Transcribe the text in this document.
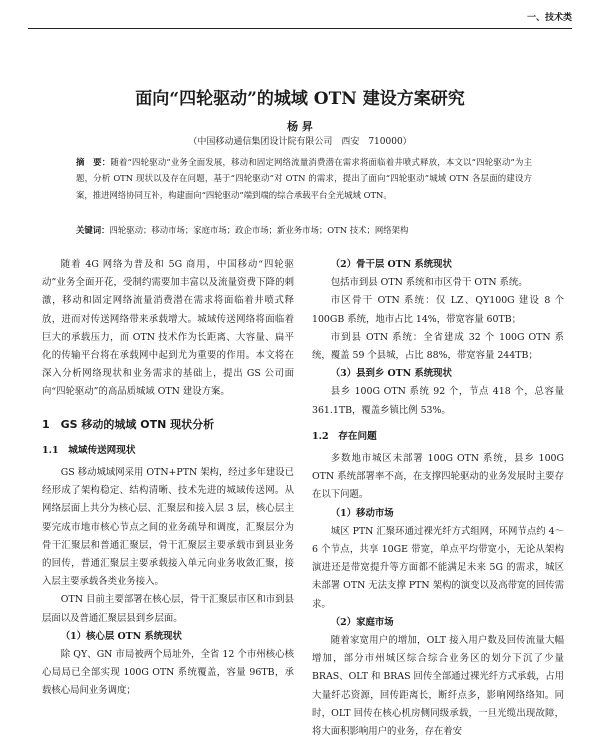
一、技术类
面向“四轮驱动”的城域 OTN 建设方案研究
杨 昇
（中国移动通信集团设计院有限公司　西安　710000）
摘　要：随着“四轮驱动”业务全面发展，移动和固定网络流量消费潜在需求将面临着井喷式释放，本文以“四轮驱动”为主题，分析 OTN 现状以及存在问题，基于“四轮驱动”对 OTN 的需求，提出了面向“四轮驱动”城域 OTN 各层面的建设方案，推进网络协同互补，构建面向“四轮驱动”端到端的综合承载平台全光城域 OTN。
关键词：四轮驱动；移动市场；家庭市场；政企市场；新业务市场；OTN 技术；网络架构

随着 4G 网络为普及和 5G 商用，中国移动“四轮驱动”业务全面开花，受制约需要加丰富以及流量资费下降的刺激，移动和固定网络流量消费潜在需求将面临着井喷式释放，进而对传送网络带来承载增大。城域传送网络将面临着巨大的承载压力，而 OTN 技术作为长距离、大容量、扁平化的传输平台将在承载网中起到尤为重要的作用。本文将在深入分析网络现状和业务需求的基础上，提出 GS 公司面向“四轮驱动”的高品质城域 OTN 建设方案。

1　GS 移动的城域 OTN 现状分析

1.1　城域传送网现状

GS 移动城域网采用 OTN+PTN 架构，经过多年建设已经形成了架构稳定、结构清晰、技术先进的城域传送网。从网络层面上共分为核心层、汇聚层和接入层 3 层，核心层主要完成市地市核心节点之间的业务疏导和调度，汇聚层分为骨干汇聚层和普通汇聚层，骨干汇聚层主要承载市到县业务的回传，普通汇聚层主要承载接入单元向业务收敛汇聚，接入层主要承载各类业务接入。

OTN 目前主要部署在核心层，骨干汇聚层市区和市到县层面以及普通汇聚层县到乡层面。

（1）核心层 OTN 系统现状

除 QY、GN 市局被两个局址外，全省 12 个市州核心核心局局已全部实现 100G OTN 系统覆盖，容量 96TB，承载核心局间业务调度；

（2）骨干层 OTN 系统现状

包括市到县 OTN 系统和市区骨干 OTN 系统。

市区骨干 OTN 系统：仅 LZ、QY100G 建设 8 个 100GB 系统，地市占比 14%，带宽容量 60TB；

市到县 OTN 系统：全省建成 32 个 100G OTN 系统，覆盖 59 个县城，占比 88%，带宽容量 244TB；

（3）县到乡 OTN 系统现状

县乡 100G OTN 系统 92 个，节点 418 个，总容量 361.1TB，覆盖乡镇比例 53%。

1.2　存在问题

多数地市城区未部署 100G OTN 系统，县乡 100G OTN 系统部署率不高，在支撑四轮驱动的业务发展时主要存在以下问题。

（1）移动市场

城区 PTN 汇聚环通过裸光纤方式组网，环网节点约 4～6 个节点，共享 10GE 带宽，单点平均带宽小，无论从架构演进还是带宽提升等方面都不能满足未来 5G 的需求，城区未部署 OTN 无法支撑 PTN 架构的演变以及高带宽的回传需求。

（2）家庭市场

随着家宽用户的增加，OLT 接入用户数及回传流量大幅增加，部分市州城区综合综合业务区的划分下沉了少量 BRAS、OLT 和 BRAS 回传全部通过裸光纤方式承载，占用大量纤芯资源，回传距离长，断纤点多，影响网络络知。同时，OLT 回传在核心机房侧同级承载，一旦光缆出现故障，将大面积影响用户的业务，存在着安
